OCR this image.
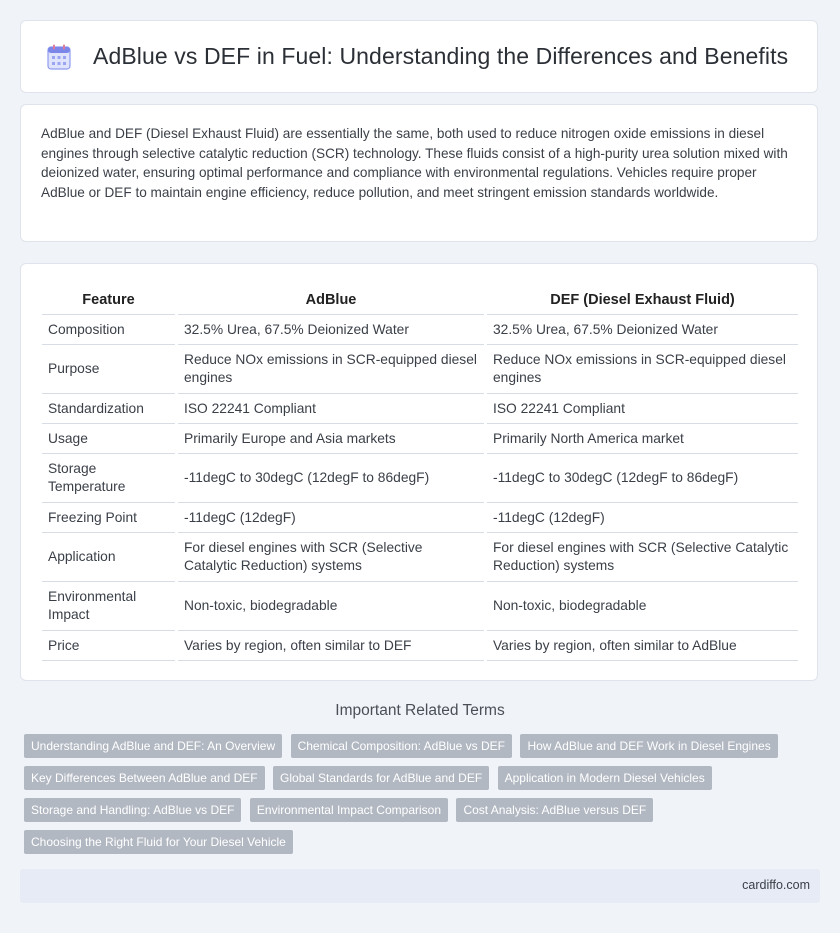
AdBlue vs DEF in Fuel: Understanding the Differences and Benefits

AdBlue and DEF (Diesel Exhaust Fluid) are essentially the same, both used to reduce nitrogen oxide emissions in diesel engines through selective catalytic reduction (SCR) technology. These fluids consist of a high-purity urea solution mixed with deionized water, ensuring optimal performance and compliance with environmental regulations. Vehicles require proper AdBlue or DEF to maintain engine efficiency, reduce pollution, and meet stringent emission standards worldwide.

Feature	AdBlue	DEF (Diesel Exhaust Fluid)
Composition	32.5% Urea, 67.5% Deionized Water	32.5% Urea, 67.5% Deionized Water
Purpose	Reduce NOx emissions in SCR-equipped diesel engines	Reduce NOx emissions in SCR-equipped diesel engines
Standardization	ISO 22241 Compliant	ISO 22241 Compliant
Usage	Primarily Europe and Asia markets	Primarily North America market
Storage Temperature	-11degC to 30degC (12degF to 86degF)	-11degC to 30degC (12degF to 86degF)
Freezing Point	-11degC (12degF)	-11degC (12degF)
Application	For diesel engines with SCR (Selective Catalytic Reduction) systems	For diesel engines with SCR (Selective Catalytic Reduction) systems
Environmental Impact	Non-toxic, biodegradable	Non-toxic, biodegradable
Price	Varies by region, often similar to DEF	Varies by region, often similar to AdBlue
Important Related Terms
Understanding AdBlue and DEF: An Overview Chemical Composition: AdBlue vs DEF How AdBlue and DEF Work in Diesel Engines Key Differences Between AdBlue and DEF Global Standards for AdBlue and DEF Application in Modern Diesel Vehicles Storage and Handling: AdBlue vs DEF Environmental Impact Comparison Cost Analysis: AdBlue versus DEF Choosing the Right Fluid for Your Diesel Vehicle
cardiffo.com
